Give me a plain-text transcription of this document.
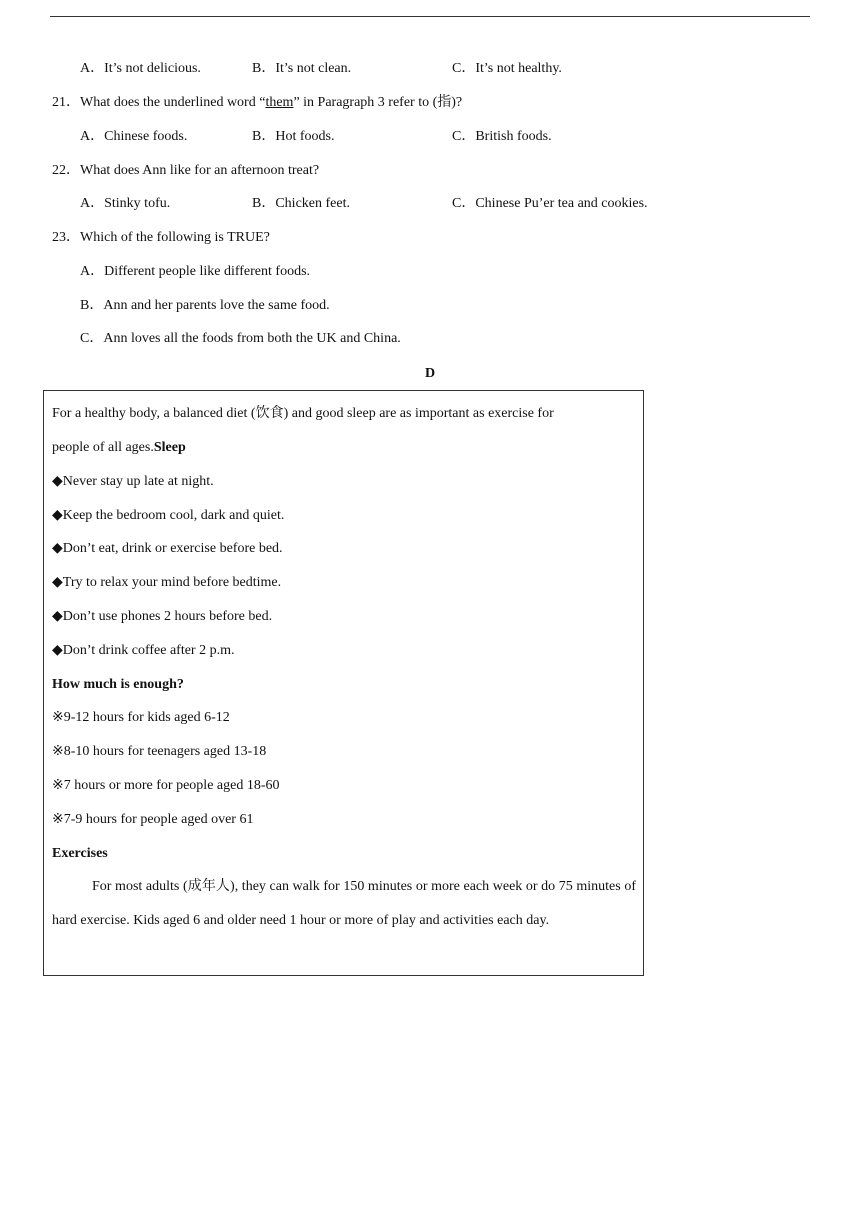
A．It’s not delicious.	B．It’s not clean.	C．It’s not healthy.
21．What does the underlined word “them” in Paragraph 3 refer to (指)?
A．Chinese foods.	B．Hot foods.	C．British foods.
22．What does Ann like for an afternoon treat?
A．Stinky tofu.	B．Chicken feet.	C．Chinese Pu’er tea and cookies.
23．Which of the following is TRUE?
A．Different people like different foods.
B．Ann and her parents love the same food.
C．Ann loves all the foods from both the UK and China.
D
For a healthy body, a balanced diet (饮食) and good sleep are as important as exercise for
people of all ages.Sleep
◆Never stay up late at night.
◆Keep the bedroom cool, dark and quiet.
◆Don’t eat, drink or exercise before bed.
◆Try to relax your mind before bedtime.
◆Don’t use phones 2 hours before bed.
◆Don’t drink coffee after 2 p.m.
How much is enough?
※9-12 hours for kids aged 6-12
※8-10 hours for teenagers aged 13-18
※7 hours or more for people aged 18-60
※7-9 hours for people aged over 61
Exercises
For most adults (成年人), they can walk for 150 minutes or more each week or do 75 minutes of hard exercise. Kids aged 6 and older need 1 hour or more of play and activities each day.
